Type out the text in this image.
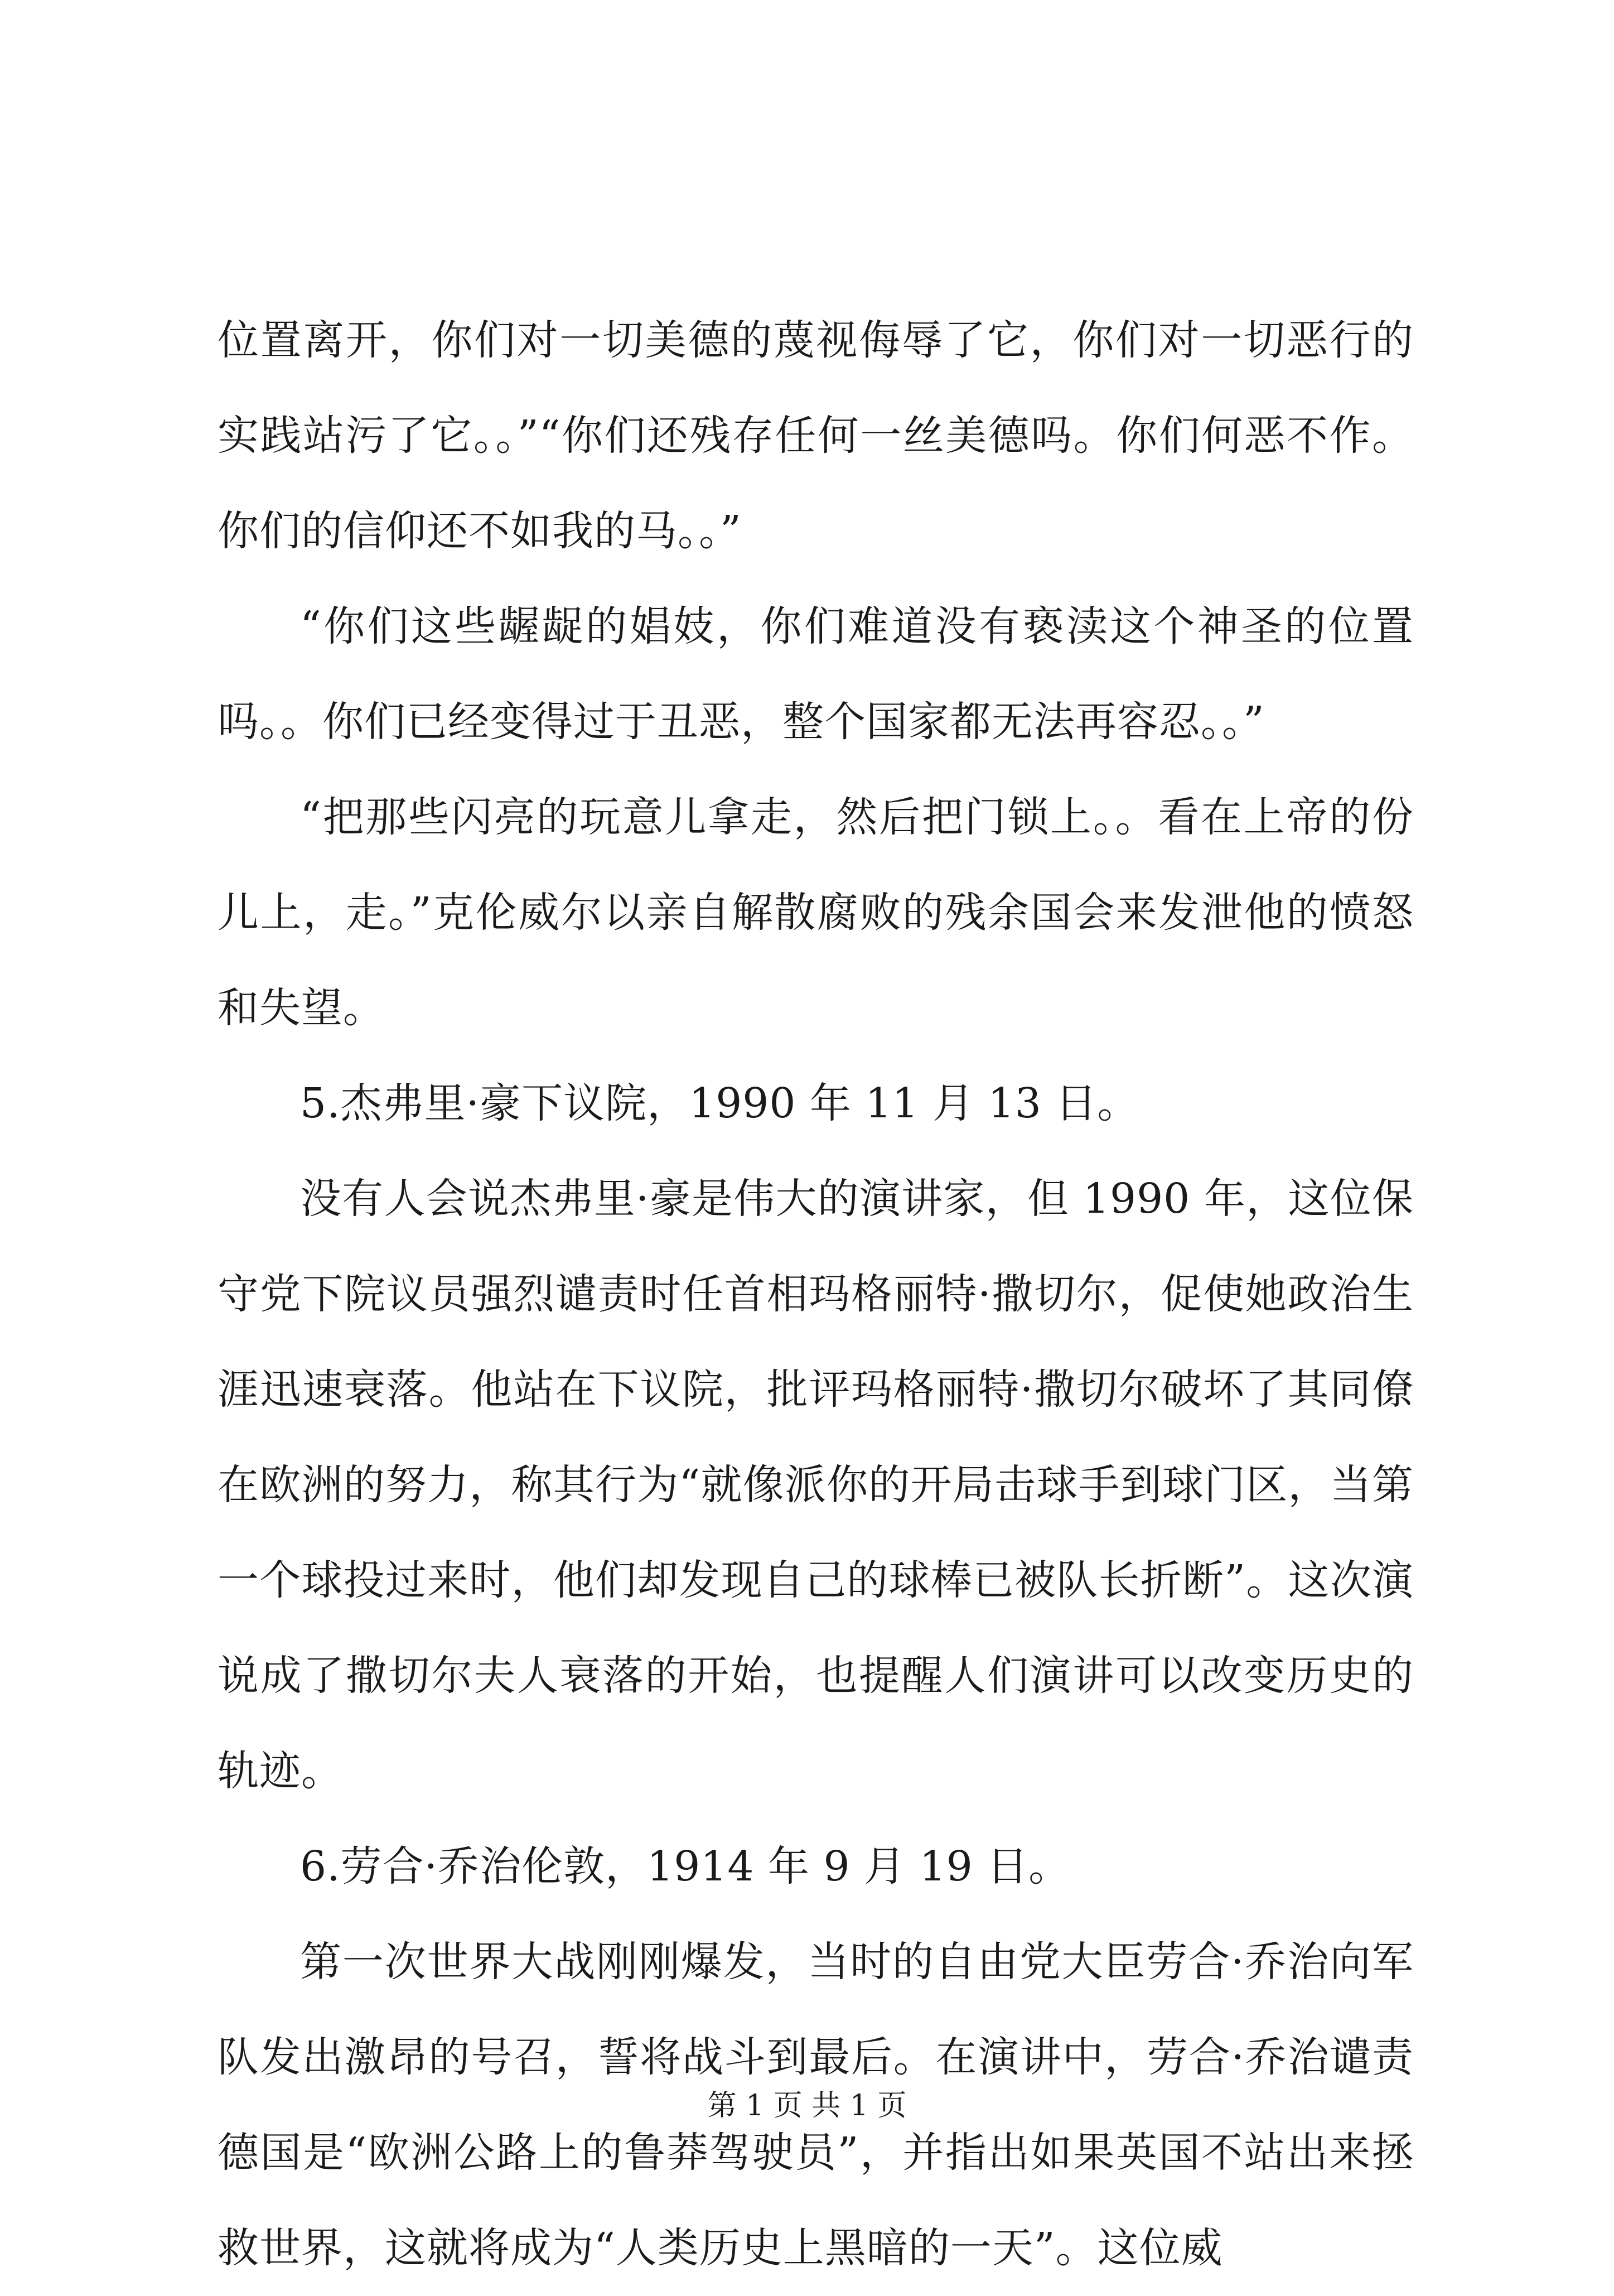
位置离开，你们对一切美德的蔑视侮辱了它，你们对一切恶行的实践站污了它。。”“你们还残存任何一丝美德吗。你们何恶不作。你们的信仰还不如我的马。。”

“你们这些龌龊的娼妓，你们难道没有亵渎这个神圣的位置吗。。你们已经变得过于丑恶，整个国家都无法再容忍。。”

“把那些闪亮的玩意儿拿走，然后把门锁上。。看在上帝的份儿上，走。”克伦威尔以亲自解散腐败的残余国会来发泄他的愤怒和失望。

5.杰弗里·豪下议院，1990 年 11 月 13 日。

没有人会说杰弗里·豪是伟大的演讲家，但 1990 年，这位保守党下院议员强烈谴责时任首相玛格丽特·撒切尔，促使她政治生涯迅速衰落。他站在下议院，批评玛格丽特·撒切尔破坏了其同僚在欧洲的努力，称其行为“就像派你的开局击球手到球门区，当第一个球投过来时，他们却发现自己的球棒已被队长折断”。这次演说成了撒切尔夫人衰落的开始，也提醒人们演讲可以改变历史的轨迹。

6.劳合·乔治伦敦，1914 年 9 月 19 日。

第一次世界大战刚刚爆发，当时的自由党大臣劳合·乔治向军队发出激昂的号召，誓将战斗到最后。在演讲中，劳合·乔治谴责德国是“欧洲公路上的鲁莽驾驶员”，并指出如果英国不站出来拯救世界，这就将成为“人类历史上黑暗的一天”。这位威

第 1 页 共 1 页
